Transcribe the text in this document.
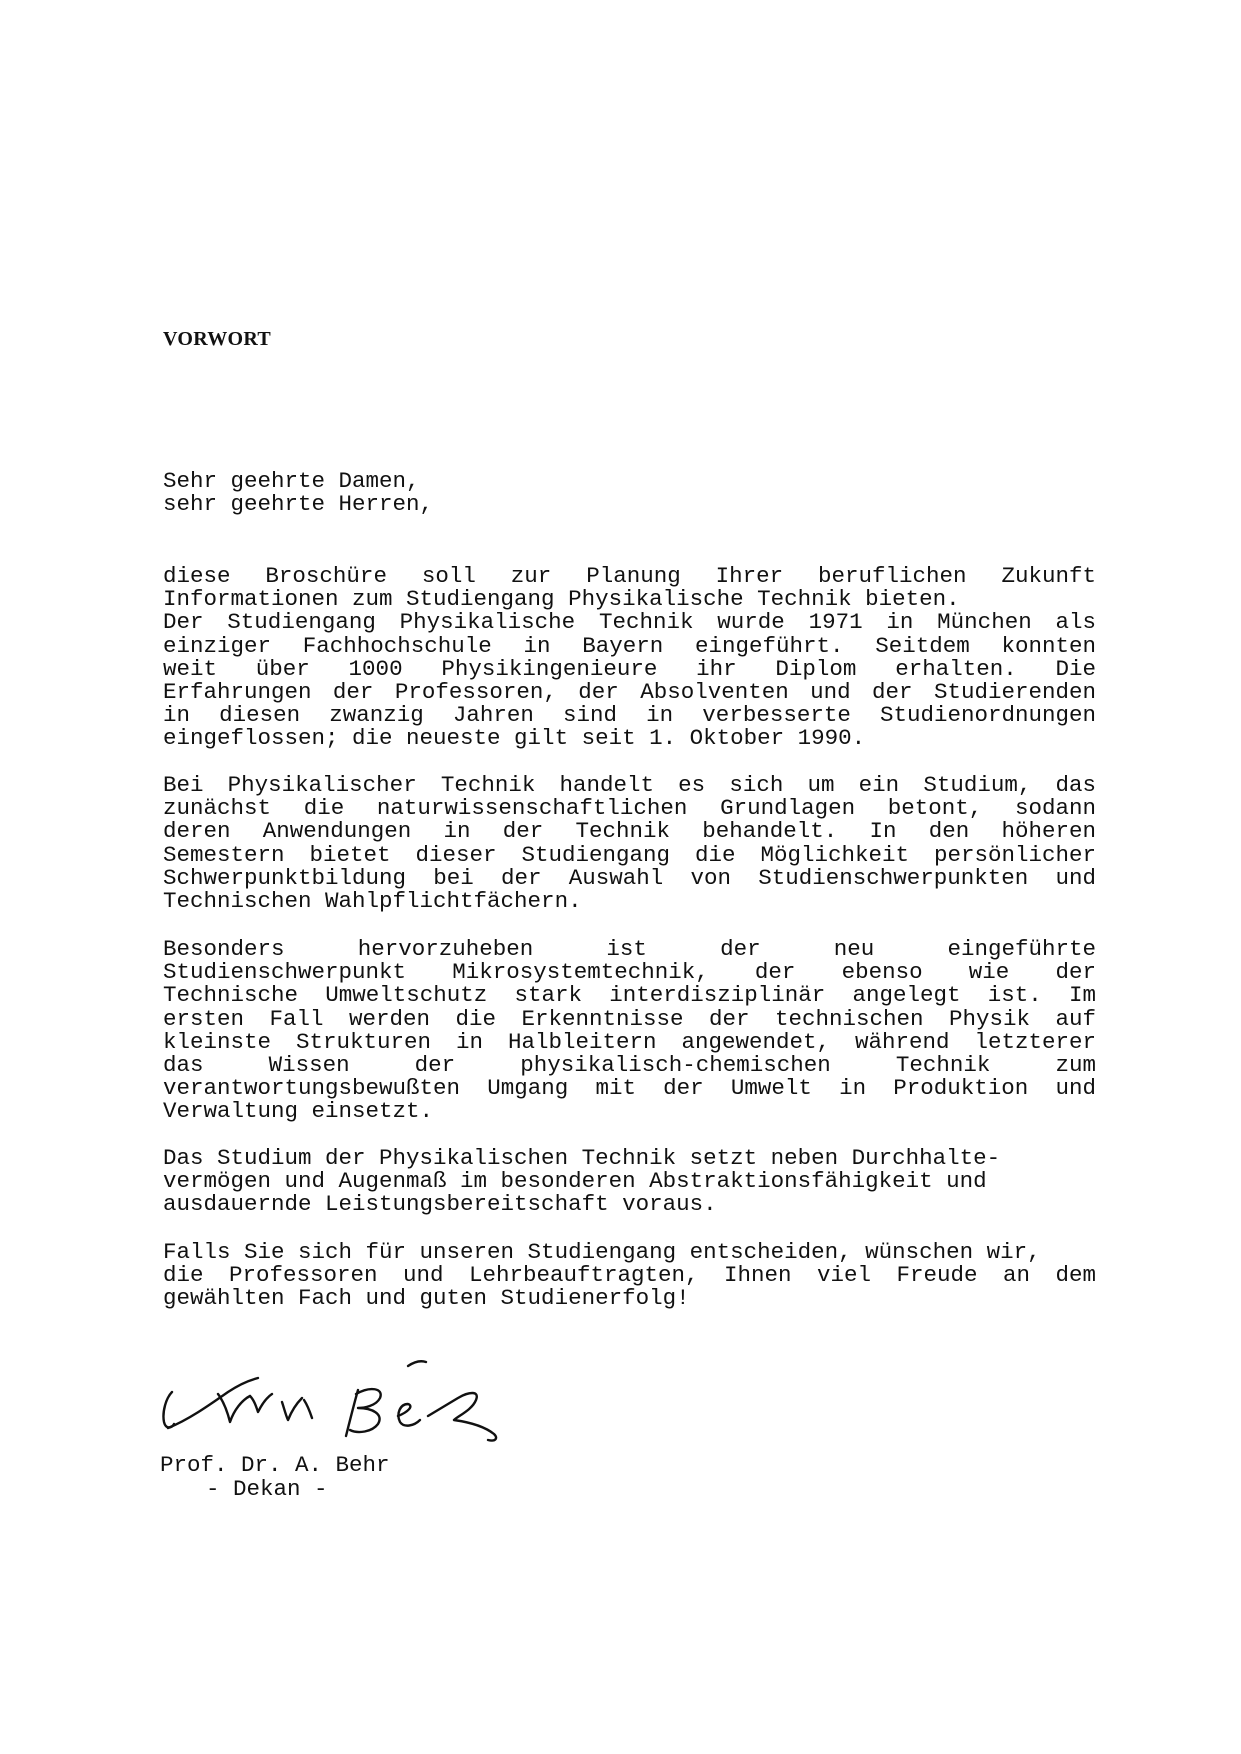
VORWORT
Sehr geehrte Damen,
sehr geehrte Herren,
diese Broschüre soll zur Planung Ihrer beruflichen Zukunft
Informationen zum Studiengang Physikalische Technik bieten.
Der Studiengang Physikalische Technik wurde 1971 in München als
einziger Fachhochschule in Bayern eingeführt. Seitdem konnten
weit über 1000 Physikingenieure ihr Diplom erhalten. Die
Erfahrungen der Professoren, der Absolventen und der Studierenden
in diesen zwanzig Jahren sind in verbesserte Studienordnungen
eingeflossen; die neueste gilt seit 1. Oktober 1990.
Bei Physikalischer Technik handelt es sich um ein Studium, das
zunächst die naturwissenschaftlichen Grundlagen betont, sodann
deren Anwendungen in der Technik behandelt. In den höheren
Semestern bietet dieser Studiengang die Möglichkeit persönlicher
Schwerpunktbildung bei der Auswahl von Studienschwerpunkten und
Technischen Wahlpflichtfächern.
Besonders hervorzuheben ist der neu eingeführte
Studienschwerpunkt Mikrosystemtechnik, der ebenso wie der
Technische Umweltschutz stark interdisziplinär angelegt ist. Im
ersten Fall werden die Erkenntnisse der technischen Physik auf
kleinste Strukturen in Halbleitern angewendet, während letzterer
das Wissen der physikalisch-chemischen Technik zum
verantwortungsbewußten Umgang mit der Umwelt in Produktion und
Verwaltung einsetzt.
Das Studium der Physikalischen Technik setzt neben Durchhalte-
vermögen und Augenmaß im besonderen Abstraktionsfähigkeit und
ausdauernde Leistungsbereitschaft voraus.
Falls Sie sich für unseren Studiengang entscheiden, wünschen wir,
die Professoren und Lehrbeauftragten, Ihnen viel Freude an dem
gewählten Fach und guten Studienerfolg!
Prof. Dr. A. Behr
- Dekan -
